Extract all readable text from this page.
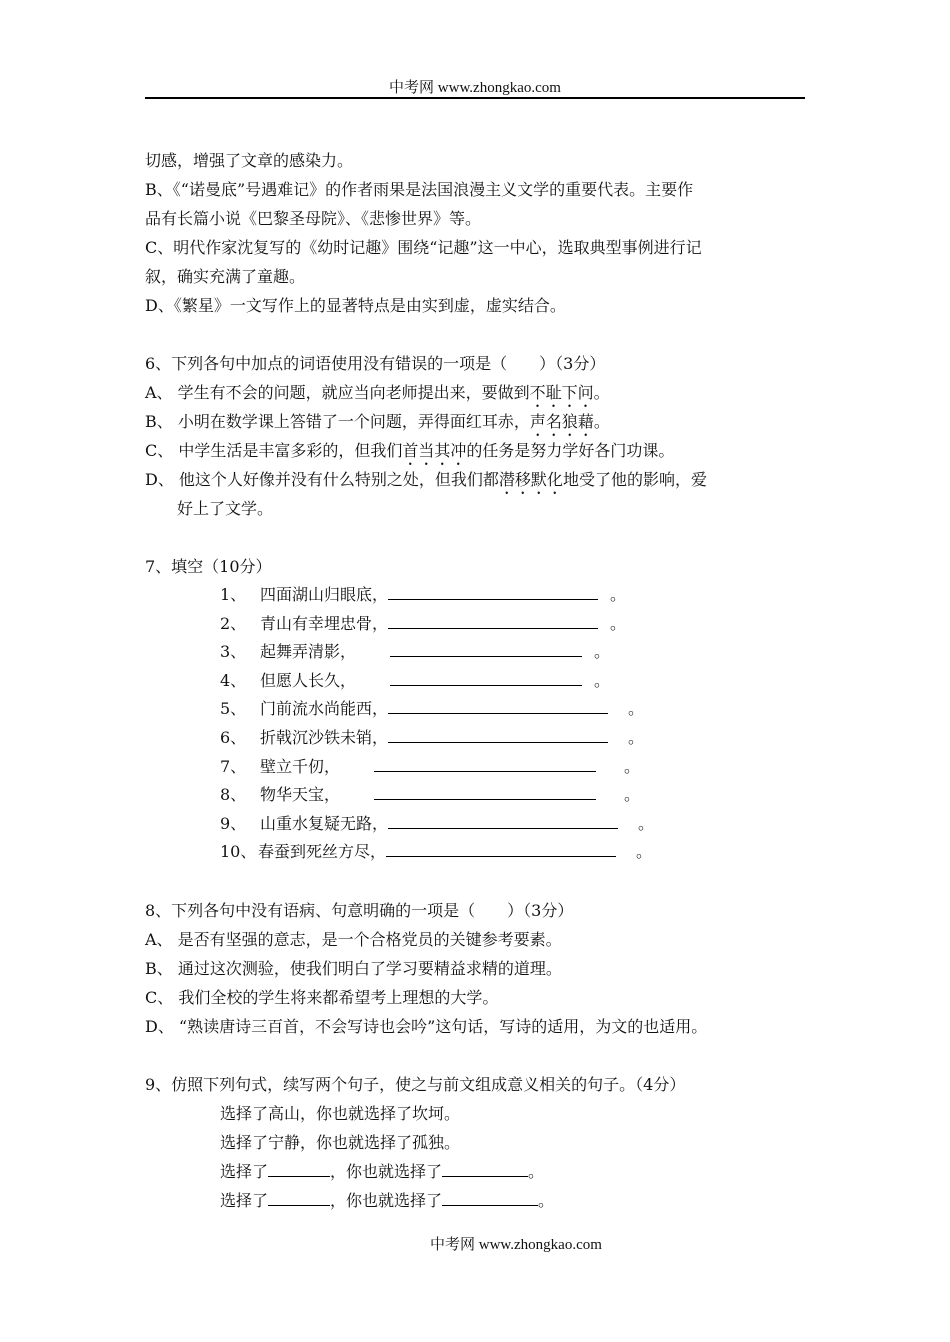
中考网 www.zhongkao.com
切感，增强了文章的感染力。
B、《“诺曼底”号遇难记》的作者雨果是法国浪漫主义文学的重要代表。主要作
品有长篇小说《巴黎圣母院》、《悲惨世界》等。
C、明代作家沈复写的《幼时记趣》围绕“记趣”这一中心，选取典型事例进行记
叙，确实充满了童趣。
D、《繁星》一文写作上的显著特点是由实到虚，虚实结合。
6、下列各句中加点的词语使用没有错误的一项是（　　）（3分）
A、 学生有不会的问题，就应当向老师提出来，要做到不耻下问。
B、 小明在数学课上答错了一个问题，弄得面红耳赤，声名狼藉。
C、 中学生活是丰富多彩的，但我们首当其冲的任务是努力学好各门功课。
D、 他这个人好像并没有什么特别之处，但我们都潜移默化地受了他的影响，爱
好上了文学。
7、填空（10分）
1、 四面湖山归眼底，	。
2、 青山有幸埋忠骨，	。
3、 起舞弄清影，	。
4、 但愿人长久，	。
5、 门前流水尚能西，	。
6、 折戟沉沙铁未销，	。
7、 壁立千仞，	。
8、 物华天宝，	。
9、 山重水复疑无路，	。
10、 春蚕到死丝方尽，	。
8、下列各句中没有语病、句意明确的一项是（　　）（3分）
A、 是否有坚强的意志，是一个合格党员的关键参考要素。
B、 通过这次测验，使我们明白了学习要精益求精的道理。
C、 我们全校的学生将来都希望考上理想的大学。
D、 “熟读唐诗三百首，不会写诗也会吟”这句话，写诗的适用，为文的也适用。
9、仿照下列句式，续写两个句子，使之与前文组成意义相关的句子。（4分）
选择了高山，你也就选择了坎坷。
选择了宁静，你也就选择了孤独。
选择了	，你也就选择了	。
选择了	，你也就选择了	。
中考网 www.zhongkao.com
